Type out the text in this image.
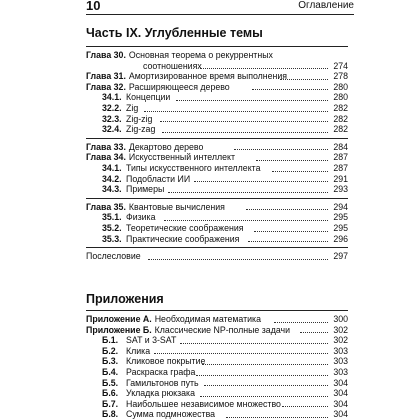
10	Оглавление
Часть IX. Углубленные темы
Глава 30. Основная теорема о рекуррентных
соотношениях	274
Глава 31. Амортизированное время выполнения	278
Глава 32. Расширяющееся дерево	280
34.1. Концепции	280
32.2. Zig	282
32.3. Zig-zig	282
32.4. Zig-zag	282
Глава 33. Декартово дерево	284
Глава 34. Искусственный интеллект	287
34.1. Типы искусственного интеллекта	287
34.2. Подобласти ИИ	291
34.3. Примеры	293
Глава 35. Квантовые вычисления	294
35.1. Физика	295
35.2. Теоретические соображения	295
35.3. Практические соображения	296
Послесловие	297
Приложения
Приложение А. Необходимая математика	300
Приложение Б. Классические NP-полные задачи	302
Б.1. SAT и 3-SAT	302
Б.2. Клика	303
Б.3. Кликовое покрытие	303
Б.4. Раскраска графа	303
Б.5. Гамильтонов путь	304
Б.6. Укладка рюкзака	304
Б.7. Наибольшее независимое множество	304
Б.8. Сумма подмножества	304
